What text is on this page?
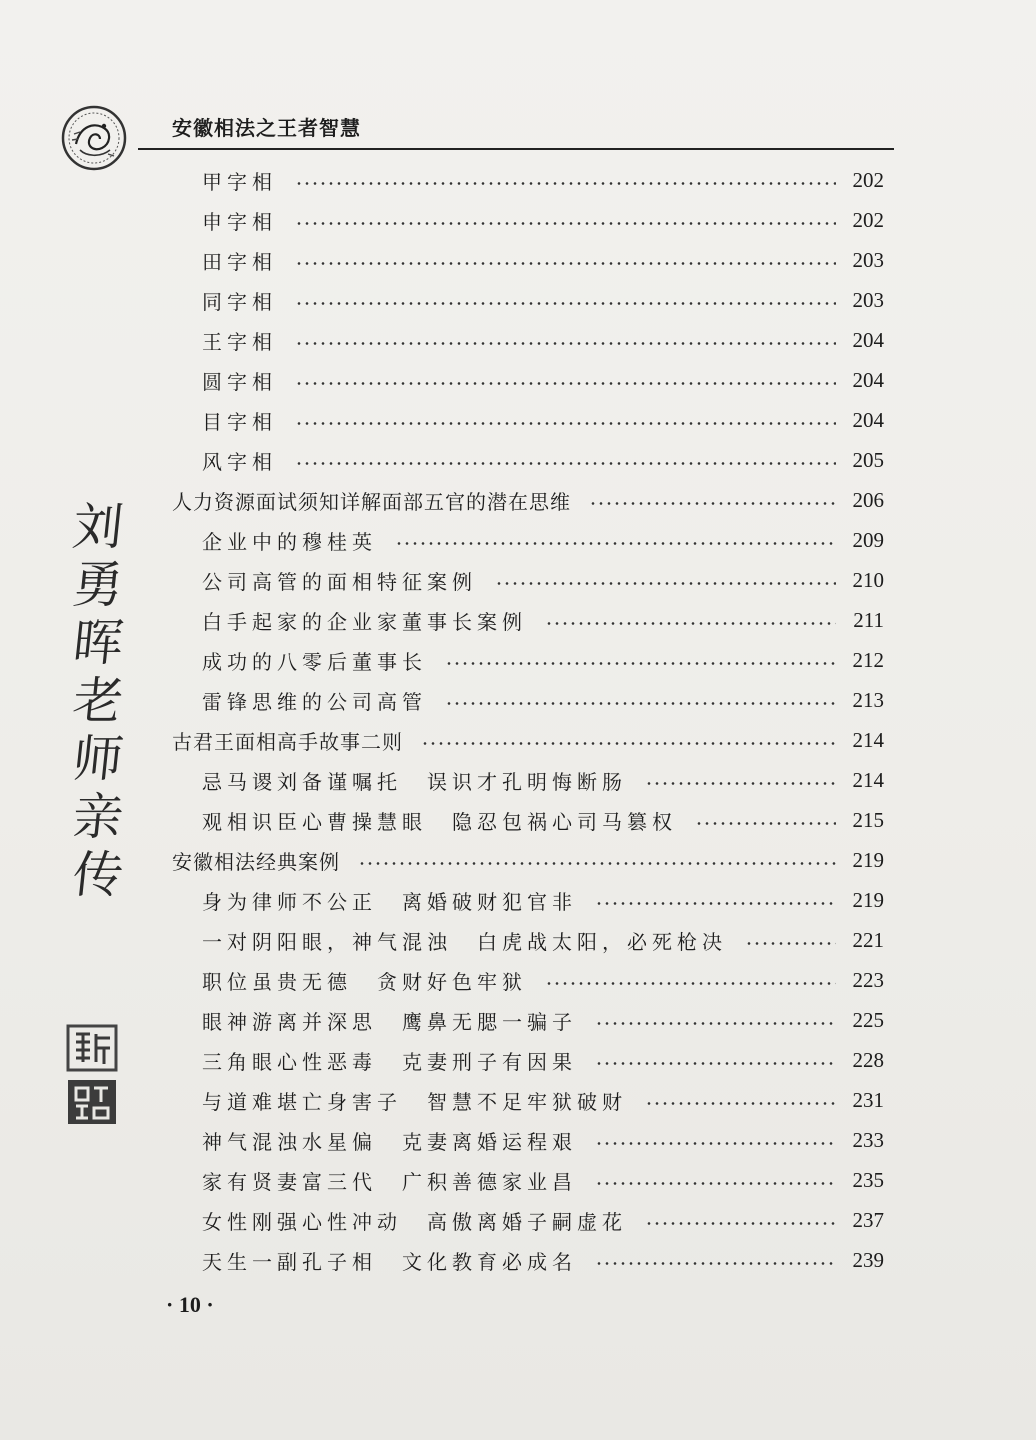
安徽相法之王者智慧
甲字相	202
申字相	202
田字相	203
同字相	203
王字相	204
圆字相	204
目字相	204
风字相	205
人力资源面试须知详解面部五官的潜在思维	206
企业中的穆桂英	209
公司高管的面相特征案例	210
白手起家的企业家董事长案例	211
成功的八零后董事长	212
雷锋思维的公司高管	213
古君王面相高手故事二则	214
忌马谡刘备谨嘱托　误识才孔明悔断肠	214
观相识臣心曹操慧眼　隐忍包祸心司马篡权	215
安徽相法经典案例	219
身为律师不公正　离婚破财犯官非	219
一对阴阳眼，神气混浊　白虎战太阳，必死枪决	221
职位虽贵无德　贪财好色牢狱	223
眼神游离并深思　鹰鼻无腮一骗子	225
三角眼心性恶毒　克妻刑子有因果	228
与道难堪亡身害子　智慧不足牢狱破财	231
神气混浊水星偏　克妻离婚运程艰	233
家有贤妻富三代　广积善德家业昌	235
女性刚强心性冲动　高傲离婚子嗣虚花	237
天生一副孔子相　文化教育必成名	239
刘
勇
晖
老
师
亲
传
· 10 ·
